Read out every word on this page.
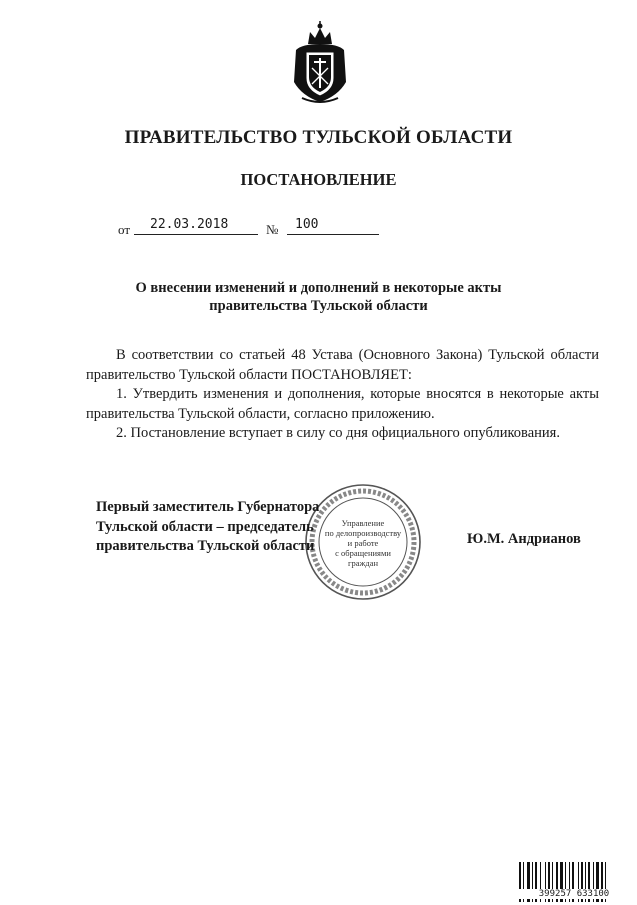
ПРАВИТЕЛЬСТВО ТУЛЬСКОЙ ОБЛАСТИ
ПОСТАНОВЛЕНИЕ
от 22.03.2018	№ 100
О внесении изменений и дополнений в некоторые акты
правительства Тульской области

В соответствии со статьей 48 Устава (Основного Закона) Тульской области правительство Тульской области ПОСТАНОВЛЯЕТ:

1. Утвердить изменения и дополнения, которые вносятся в некоторые акты правительства Тульской области, согласно приложению.

2. Постановление вступает в силу со дня официального опубликования.

Управление
по делопроизводству
и работе
с обращениями
граждан
Первый заместитель Губернатора
Тульской области – председатель
правительства Тульской области	Ю.М. Андрианов
399257 633100
